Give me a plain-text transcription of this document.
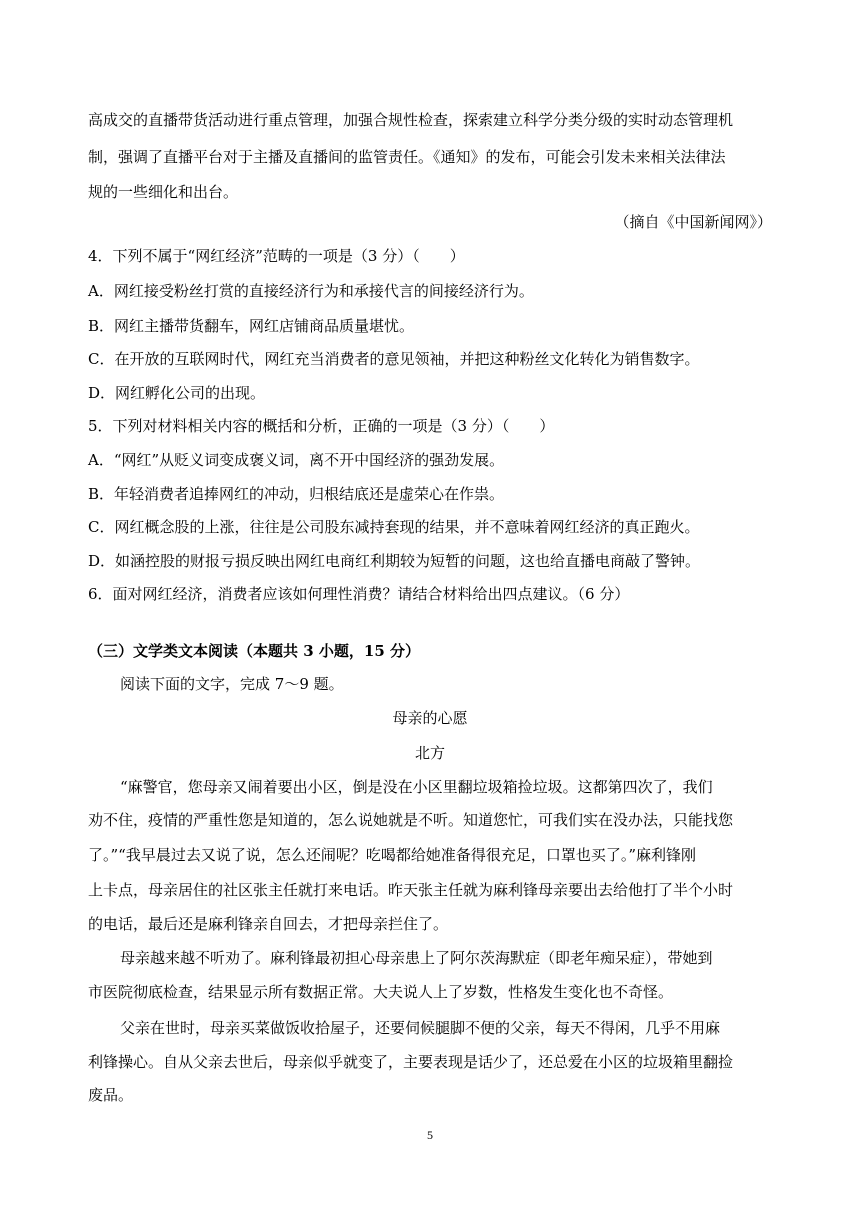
高成交的直播带货活动进行重点管理，加强合规性检查，探索建立科学分类分级的实时动态管理机

制，强调了直播平台对于主播及直播间的监管责任。《通知》的发布，可能会引发未来相关法律法

规的一些细化和出台。

（摘自《中国新闻网》）

4．下列不属于“网红经济”范畴的一项是（3 分）（　　）

A．网红接受粉丝打赏的直接经济行为和承接代言的间接经济行为。

B．网红主播带货翻车，网红店铺商品质量堪忧。

C．在开放的互联网时代，网红充当消费者的意见领袖，并把这种粉丝文化转化为销售数字。

D．网红孵化公司的出现。

5．下列对材料相关内容的概括和分析，正确的一项是（3 分）（　　）

A．“网红”从贬义词变成褒义词，离不开中国经济的强劲发展。

B．年轻消费者追捧网红的冲动，归根结底还是虚荣心在作祟。

C．网红概念股的上涨，往往是公司股东减持套现的结果，并不意味着网红经济的真正跑火。

D．如涵控股的财报亏损反映出网红电商红利期较为短暂的问题，这也给直播电商敲了警钟。

6．面对网红经济，消费者应该如何理性消费？请结合材料给出四点建议。（6 分）

（三）文学类文本阅读（本题共 3 小题，15 分）

阅读下面的文字，完成 7～9 题。

母亲的心愿

北方

“麻警官，您母亲又闹着要出小区，倒是没在小区里翻垃圾箱捡垃圾。这都第四次了，我们

劝不住，疫情的严重性您是知道的，怎么说她就是不听。知道您忙，可我们实在没办法，只能找您

了。”“我早晨过去又说了说，怎么还闹呢？吃喝都给她准备得很充足，口罩也买了。”麻利锋刚

上卡点，母亲居住的社区张主任就打来电话。昨天张主任就为麻利锋母亲要出去给他打了半个小时

的电话，最后还是麻利锋亲自回去，才把母亲拦住了。

母亲越来越不听劝了。麻利锋最初担心母亲患上了阿尔茨海默症（即老年痴呆症），带她到

市医院彻底检查，结果显示所有数据正常。大夫说人上了岁数，性格发生变化也不奇怪。

父亲在世时，母亲买菜做饭收拾屋子，还要伺候腿脚不便的父亲，每天不得闲，几乎不用麻

利锋操心。自从父亲去世后，母亲似乎就变了，主要表现是话少了，还总爱在小区的垃圾箱里翻捡

废品。

5
